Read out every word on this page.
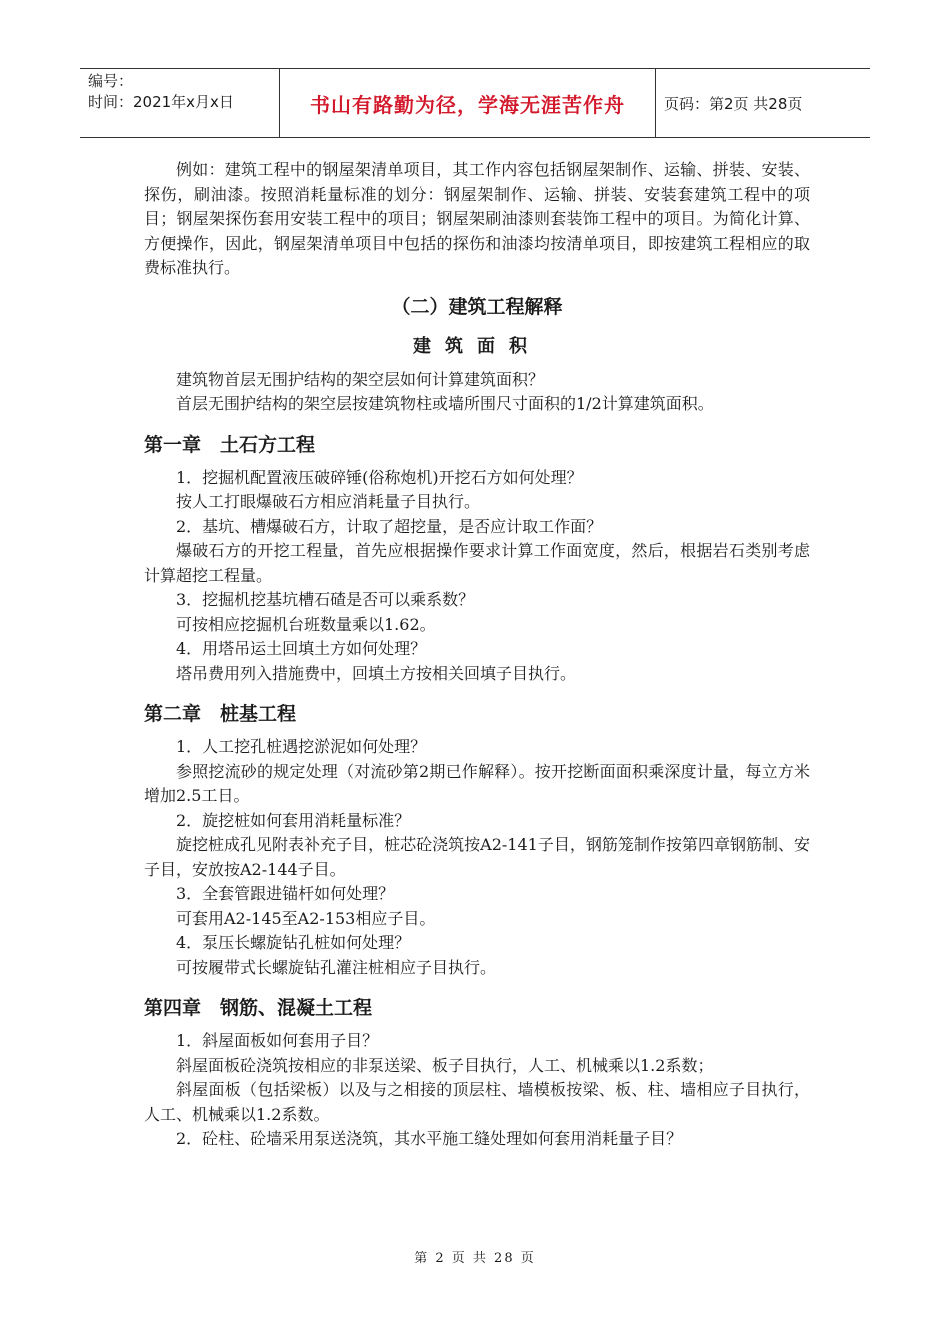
编号：
时间：2021年x月x日	书山有路勤为径，学海无涯苦作舟	页码：第2页 共28页

例如：建筑工程中的钢屋架清单项目，其工作内容包括钢屋架制作、运输、拼装、安装、探伤，刷油漆。按照消耗量标准的划分：钢屋架制作、运输、拼装、安装套建筑工程中的项目；钢屋架探伤套用安装工程中的项目；钢屋架刷油漆则套装饰工程中的项目。为简化计算、方便操作，因此，钢屋架清单项目中包括的探伤和油漆均按清单项目，即按建筑工程相应的取费标准执行。

（二）建筑工程解释
建筑面积

建筑物首层无围护结构的架空层如何计算建筑面积？

首层无围护结构的架空层按建筑物柱或墙所围尺寸面积的1/2计算建筑面积。

第一章　土石方工程

1．挖掘机配置液压破碎锤(俗称炮机)开挖石方如何处理？

按人工打眼爆破石方相应消耗量子目执行。

2．基坑、槽爆破石方，计取了超挖量，是否应计取工作面？

爆破石方的开挖工程量，首先应根据操作要求计算工作面宽度，然后，根据岩石类别考虑计算超挖工程量。

3．挖掘机挖基坑槽石碴是否可以乘系数？

可按相应挖掘机台班数量乘以1.62。

4．用塔吊运土回填土方如何处理？

塔吊费用列入措施费中，回填土方按相关回填子目执行。

第二章　桩基工程

1．人工挖孔桩遇挖淤泥如何处理？

参照挖流砂的规定处理（对流砂第2期已作解释）。按开挖断面面积乘深度计量，每立方米增加2.5工日。

2．旋挖桩如何套用消耗量标准？

旋挖桩成孔见附表补充子目，桩芯砼浇筑按A2-141子目，钢筋笼制作按第四章钢筋制、安子目，安放按A2-144子目。

3．全套管跟进锚杆如何处理？

可套用A2-145至A2-153相应子目。

4．泵压长螺旋钻孔桩如何处理？

可按履带式长螺旋钻孔灌注桩相应子目执行。

第四章　钢筋、混凝土工程

1．斜屋面板如何套用子目？

斜屋面板砼浇筑按相应的非泵送梁、板子目执行，人工、机械乘以1.2系数；

斜屋面板（包括梁板）以及与之相接的顶层柱、墙模板按梁、板、柱、墙相应子目执行，人工、机械乘以1.2系数。

2．砼柱、砼墙采用泵送浇筑，其水平施工缝处理如何套用消耗量子目？

第 2 页 共 28 页
